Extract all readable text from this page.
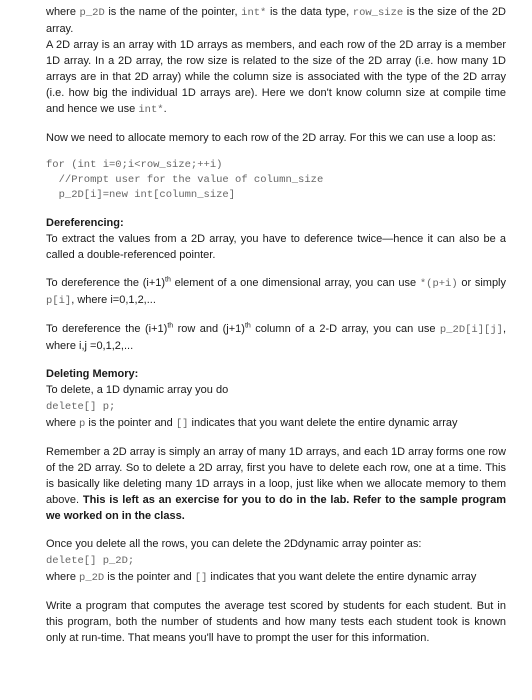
where p_2D is the name of the pointer, int* is the data type, row_size is the size of the 2D array.

A 2D array is an array with 1D arrays as members, and each row of the 2D array is a member 1D array. In a 2D array, the row size is related to the size of the 2D array (i.e. how many 1D arrays are in that 2D array) while the column size is associated with the type of the 2D array (i.e. how big the individual 1D arrays are). Here we don't know column size at compile time and hence we use int*.

Now we need to allocate memory to each row of the 2D array. For this we can use a loop as:

for (int i=0;i<row_size;++i)
//Prompt user for the value of column_size
p_2D[i]=new int[column_size]

Dereferencing:

To extract the values from a 2D array, you have to deference twice—hence it can also be a called a double-referenced pointer.

To dereference the $(i+1)^{th}$ element of a one dimensional array, you can use *(p+i) or simply p[i], where i=0,1,2,...

To dereference the $(i+1)^{th}$ row and $(j+1)^{th}$ column of a 2-D array, you can use p_2D[i][j], where i,j =0,1,2,...

Deleting Memory:

To delete, a 1D dynamic array you do

delete[] p;

where p is the pointer and [] indicates that you want delete the entire dynamic array

Remember a 2D array is simply an array of many 1D arrays, and each 1D array forms one row of the 2D array. So to delete a 2D array, first you have to delete each row, one at a time. This is basically like deleting many 1D arrays in a loop, just like when we allocate memory to them above. This is left as an exercise for you to do in the lab. Refer to the sample program we worked on in the class.

Once you delete all the rows, you can delete the 2Ddynamic array pointer as:

delete[] p_2D;

where p_2D is the pointer and [] indicates that you want delete the entire dynamic array

Write a program that computes the average test scored by students for each student. But in this program, both the number of students and how many tests each student took is known only at run-time. That means you'll have to prompt the user for this information.
